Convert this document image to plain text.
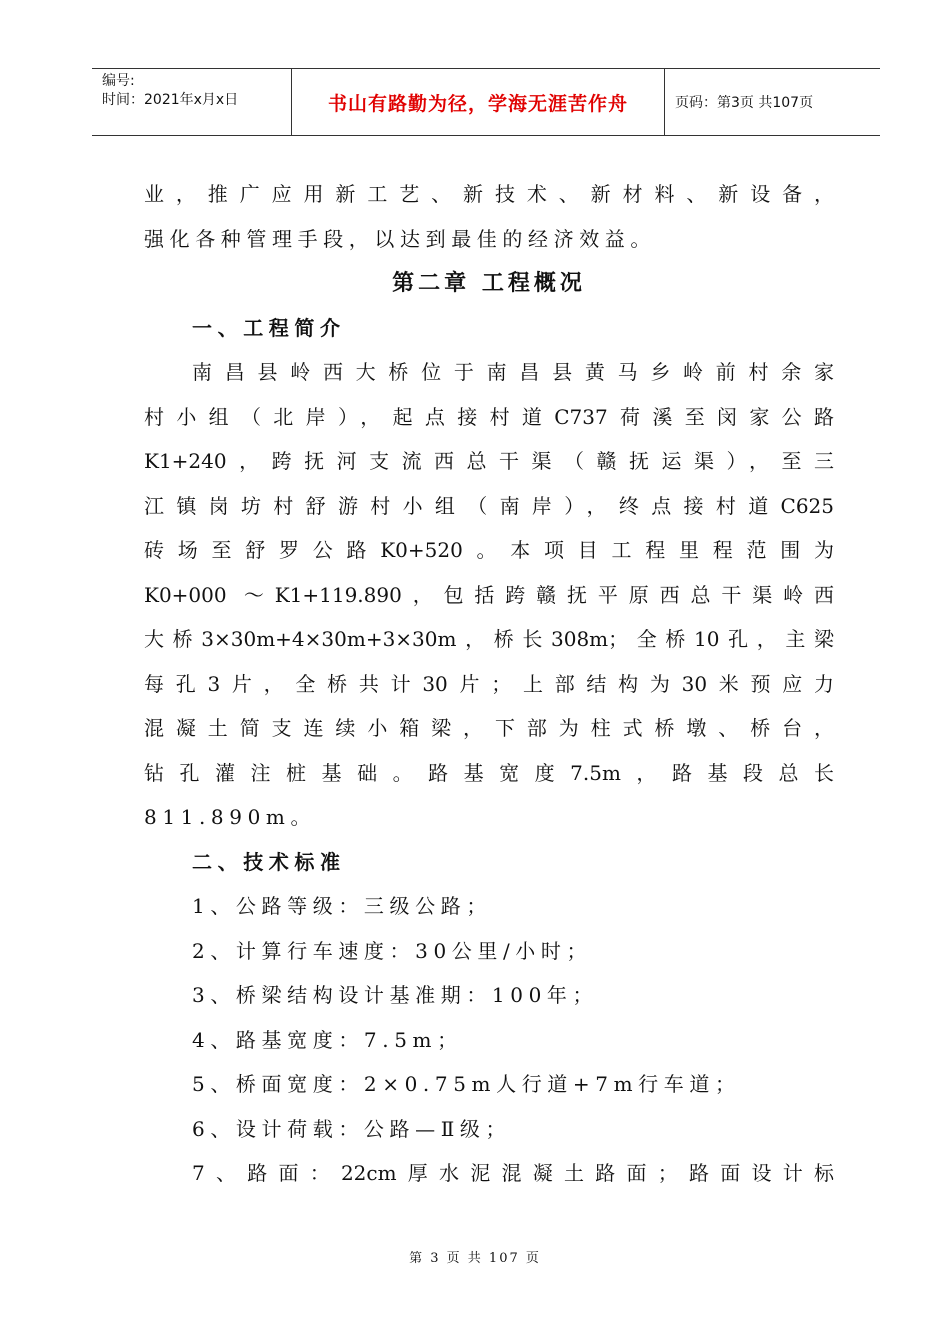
编号:
时间：2021年x月x日	书山有路勤为径，学海无涯苦作舟	页码：第3页 共107页
业，推广应用新工艺、新技术、新材料、新设备，
强化各种管理手段，以达到最佳的经济效益。
第二章 工程概况
一、工程简介
南昌县岭西大桥位于南昌县黄马乡岭前村余家
村小组（北岸），起点接村道C737荷溪至闵家公路
K1+240，跨抚河支流西总干渠（赣抚运渠），至三
江镇岗坊村舒游村小组（南岸），终点接村道C625
砖场至舒罗公路K0+520。本项目工程里程范围为
K0+000 ～K1+119.890，包括跨赣抚平原西总干渠岭西
大桥3×30m+4×30m+3×30m，桥长308m；全桥10孔，主梁
每孔3片，全桥共计30片；上部结构为30米预应力
混凝土简支连续小箱梁，下部为柱式桥墩、桥台，
钻孔灌注桩基础。路基宽度7.5m，路基段总长
811.890m。
二、技术标准
1、公路等级：三级公路；
2、计算行车速度：30公里/小时；
3、桥梁结构设计基准期：100年；
4、路基宽度：7.5m；
5、桥面宽度：2×0.75m人行道+7m行车道；
6、设计荷载：公路—Ⅱ级；
7、路面：22cm厚水泥混凝土路面；路面设计标
第 3 页 共 107 页
